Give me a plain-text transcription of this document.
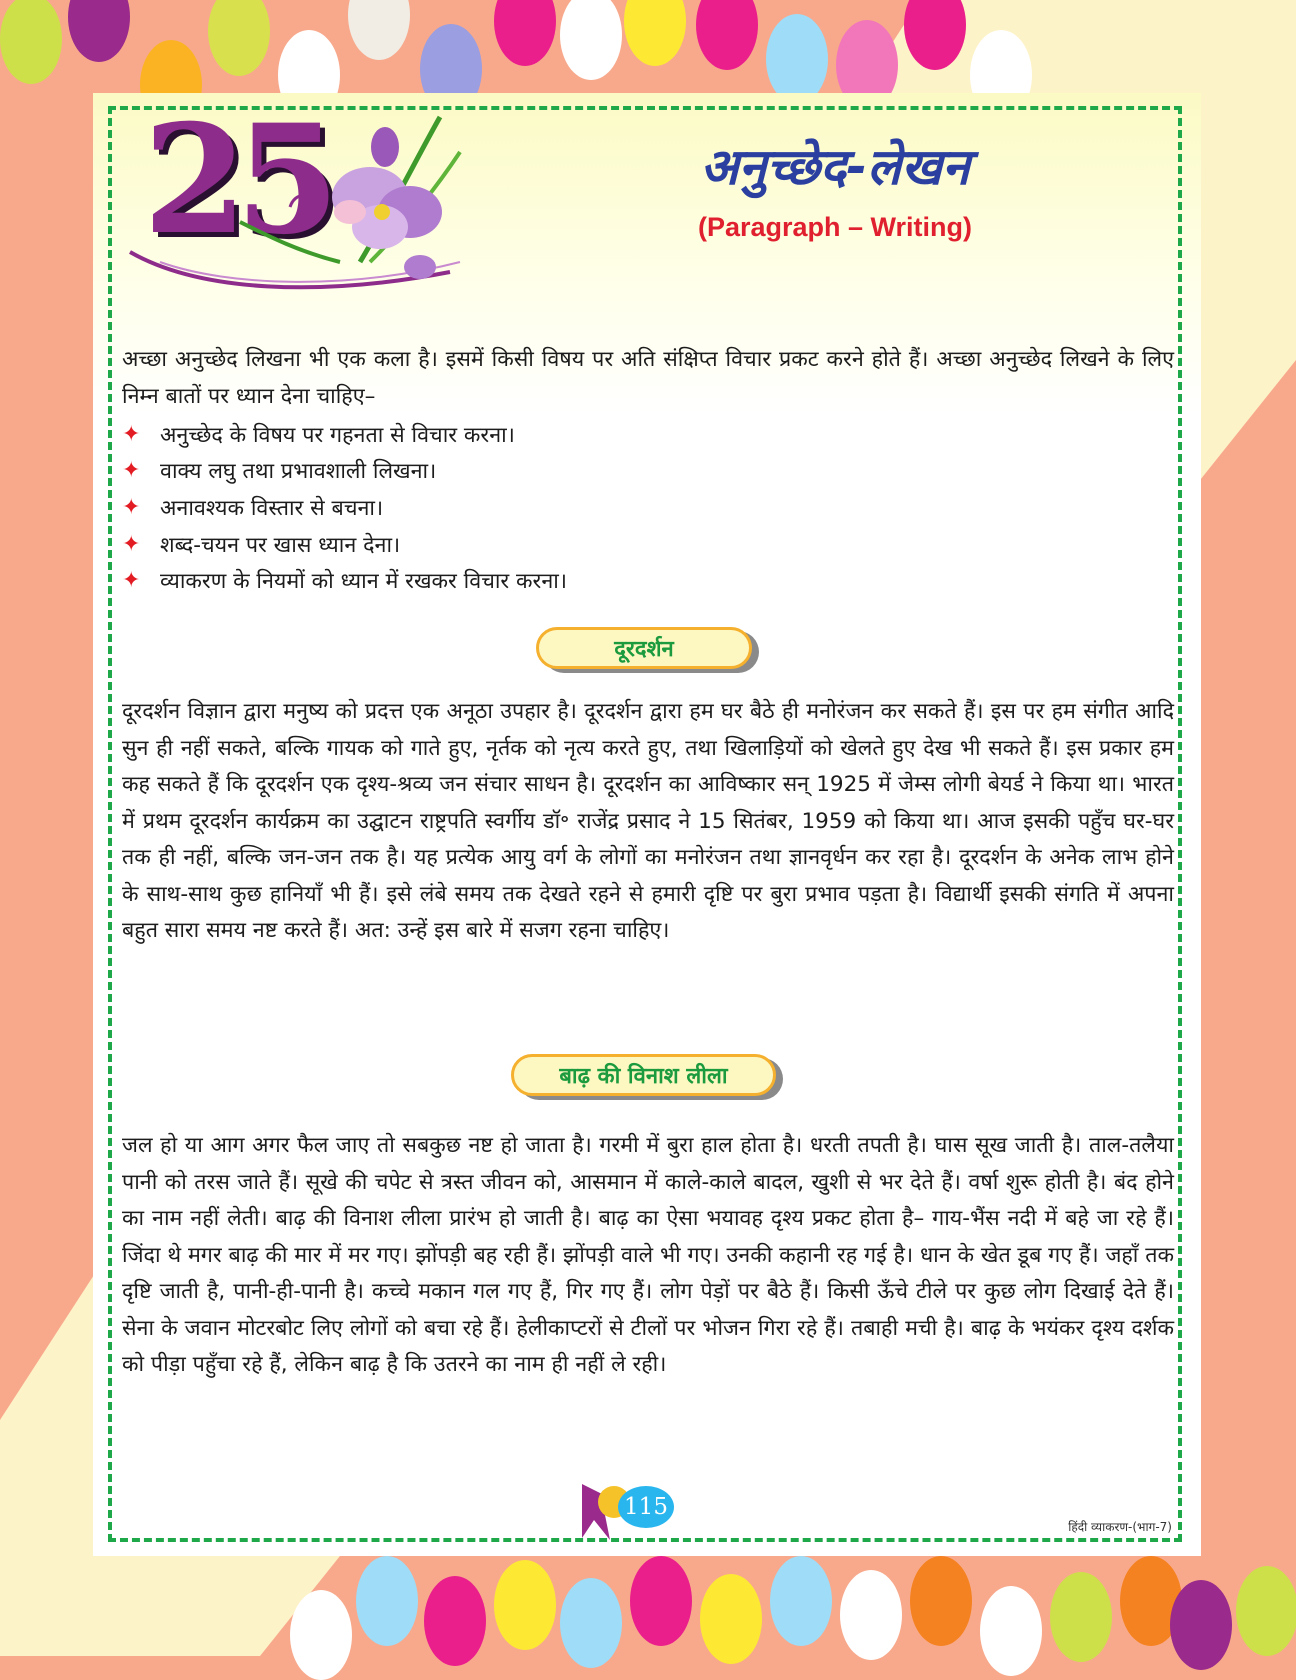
25	अनुच्छेद-लेखन
(Paragraph – Writing)

अच्छा अनुच्छेद लिखना भी एक कला है। इसमें किसी विषय पर अति संक्षिप्त विचार प्रकट करने होते हैं। अच्छा अनुच्छेद लिखने के लिए निम्न बातों पर ध्यान देना चाहिए–

✦ अनुच्छेद के विषय पर गहनता से विचार करना।
✦ वाक्य लघु तथा प्रभावशाली लिखना।
✦ अनावश्यक विस्तार से बचना।
✦ शब्द-चयन पर खास ध्यान देना।
✦ व्याकरण के नियमों को ध्यान में रखकर विचार करना।
दूरदर्शन

दूरदर्शन विज्ञान द्वारा मनुष्य को प्रदत्त एक अनूठा उपहार है। दूरदर्शन द्वारा हम घर बैठे ही मनोरंजन कर सकते हैं। इस पर हम संगीत आदि सुन ही नहीं सकते, बल्कि गायक को गाते हुए, नृर्तक को नृत्य करते हुए, तथा खिलाड़ियों को खेलते हुए देख भी सकते हैं। इस प्रकार हम कह सकते हैं कि दूरदर्शन एक दृश्य-श्रव्य जन संचार साधन है। दूरदर्शन का आविष्कार सन् 1925 में जेम्स लोगी बेयर्ड ने किया था। भारत में प्रथम दूरदर्शन कार्यक्रम का उद्घाटन राष्ट्रपति स्वर्गीय डॉ॰ राजेंद्र प्रसाद ने 15 सितंबर, 1959 को किया था। आज इसकी पहुँच घर-घर तक ही नहीं, बल्कि जन-जन तक है। यह प्रत्येक आयु वर्ग के लोगों का मनोरंजन तथा ज्ञानवृर्धन कर रहा है। दूरदर्शन के अनेक लाभ होने के साथ-साथ कुछ हानियाँ भी हैं। इसे लंबे समय तक देखते रहने से हमारी दृष्टि पर बुरा प्रभाव पड़ता है। विद्यार्थी इसकी संगति में अपना बहुत सारा समय नष्ट करते हैं। अत: उन्हें इस बारे में सजग रहना चाहिए।

बाढ़ की विनाश लीला

जल हो या आग अगर फैल जाए तो सबकुछ नष्ट हो जाता है। गरमी में बुरा हाल होता है। धरती तपती है। घास सूख जाती है। ताल-तलैया पानी को तरस जाते हैं। सूखे की चपेट से त्रस्त जीवन को, आसमान में काले-काले बादल, खुशी से भर देते हैं। वर्षा शुरू होती है। बंद होने का नाम नहीं लेती। बाढ़ की विनाश लीला प्रारंभ हो जाती है। बाढ़ का ऐसा भयावह दृश्य प्रकट होता है– गाय-भैंस नदी में बहे जा रहे हैं। जिंदा थे मगर बाढ़ की मार में मर गए। झोंपड़ी बह रही हैं। झोंपड़ी वाले भी गए। उनकी कहानी रह गई है। धान के खेत डूब गए हैं। जहाँ तक दृष्टि जाती है, पानी-ही-पानी है। कच्चे मकान गल गए हैं, गिर गए हैं। लोग पेड़ों पर बैठे हैं। किसी ऊँचे टीले पर कुछ लोग दिखाई देते हैं। सेना के जवान मोटरबोट लिए लोगों को बचा रहे हैं। हेलीकाप्टरों से टीलों पर भोजन गिरा रहे हैं। तबाही मची है। बाढ़ के भयंकर दृश्य दर्शक को पीड़ा पहुँचा रहे हैं, लेकिन बाढ़ है कि उतरने का नाम ही नहीं ले रही।

115
हिंदी व्याकरण-(भाग-7)
